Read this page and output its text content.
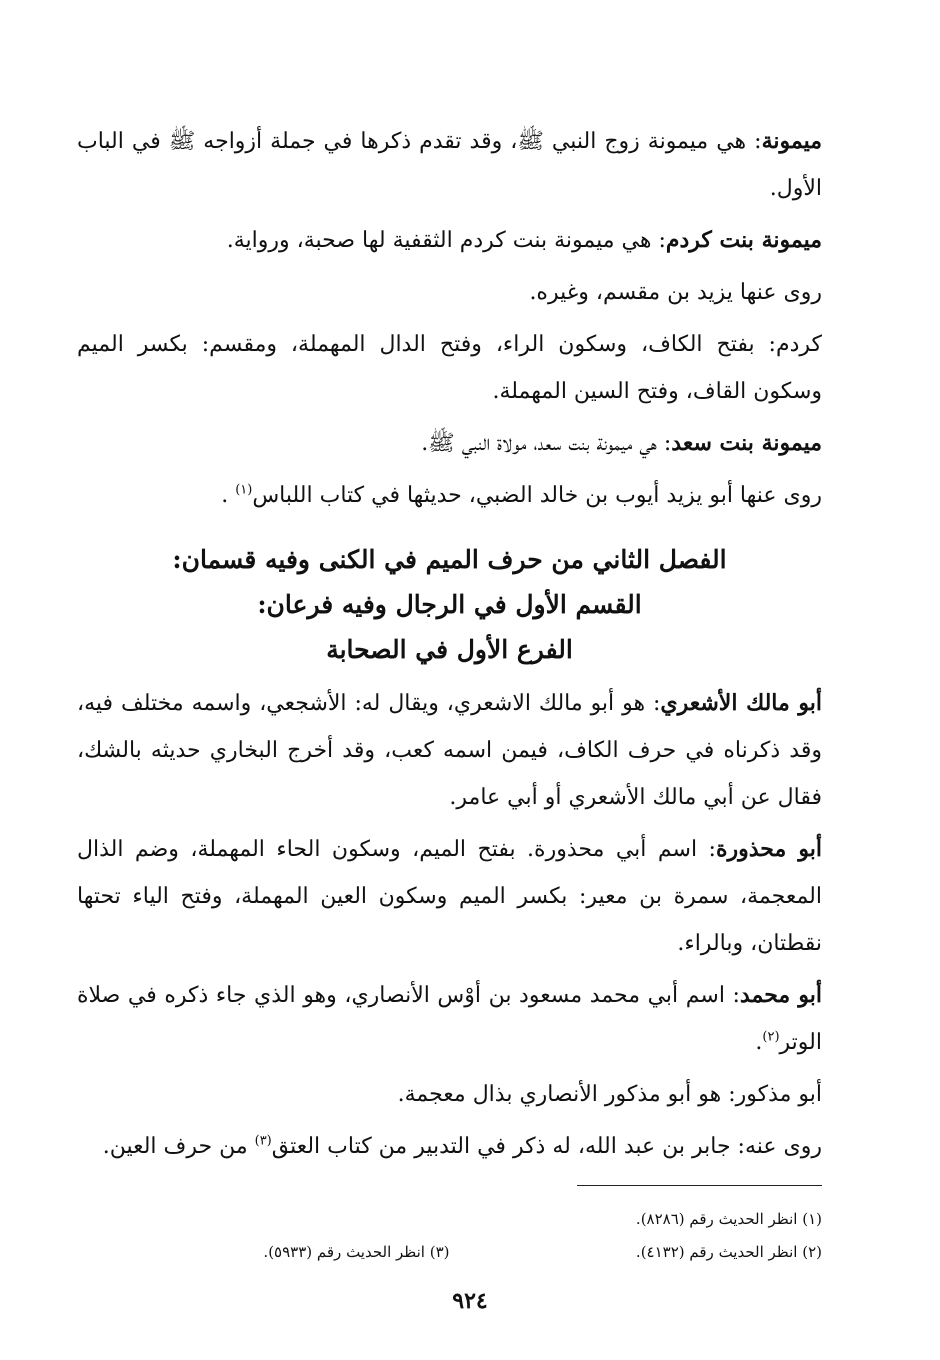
ميمونة: هي ميمونة زوج النبي ﷺ، وقد تقدم ذكرها في جملة أزواجه ﷺ في الباب الأول.

ميمونة بنت كردم: هي ميمونة بنت كردم الثقفية لها صحبة، ورواية.

روى عنها يزيد بن مقسم، وغيره.

كردم: بفتح الكاف، وسكون الراء، وفتح الدال المهملة، ومقسم: بكسر الميم وسكون القاف، وفتح السين المهملة.

ميمونة بنت سعد: هي ميمونة بنت سعد، مولاة النبي ﷺ.

روى عنها أبو يزيد أيوب بن خالد الضبي، حديثها في كتاب اللباس$^{(١)}$ .

الفصل الثاني من حرف الميم في الكنى وفيه قسمان:
القسم الأول في الرجال وفيه فرعان:
الفرع الأول في الصحابة

أبو مالك الأشعري: هو أبو مالك الاشعري، ويقال له: الأشجعي، واسمه مختلف فيه، وقد ذكرناه في حرف الكاف، فيمن اسمه كعب، وقد أخرج البخاري حديثه بالشك، فقال عن أبي مالك الأشعري أو أبي عامر.

أبو محذورة: اسم أبي محذورة. بفتح الميم، وسكون الحاء المهملة، وضم الذال المعجمة، سمرة بن معير: بكسر الميم وسكون العين المهملة، وفتح الياء تحتها نقطتان، وبالراء.

أبو محمد: اسم أبي محمد مسعود بن أوْس الأنصاري، وهو الذي جاء ذكره في صلاة الوتر$^{(٢)}$.

أبو مذكور: هو أبو مذكور الأنصاري بذال معجمة.

روى عنه: جابر بن عبد الله، له ذكر في التدبير من كتاب العتق$^{(٣)}$ من حرف العين.

(١) انظر الحديث رقم (٨٢٨٦).
(٢) انظر الحديث رقم (٤١٣٢).
(٣) انظر الحديث رقم (٥٩٣٣).
٩٢٤
